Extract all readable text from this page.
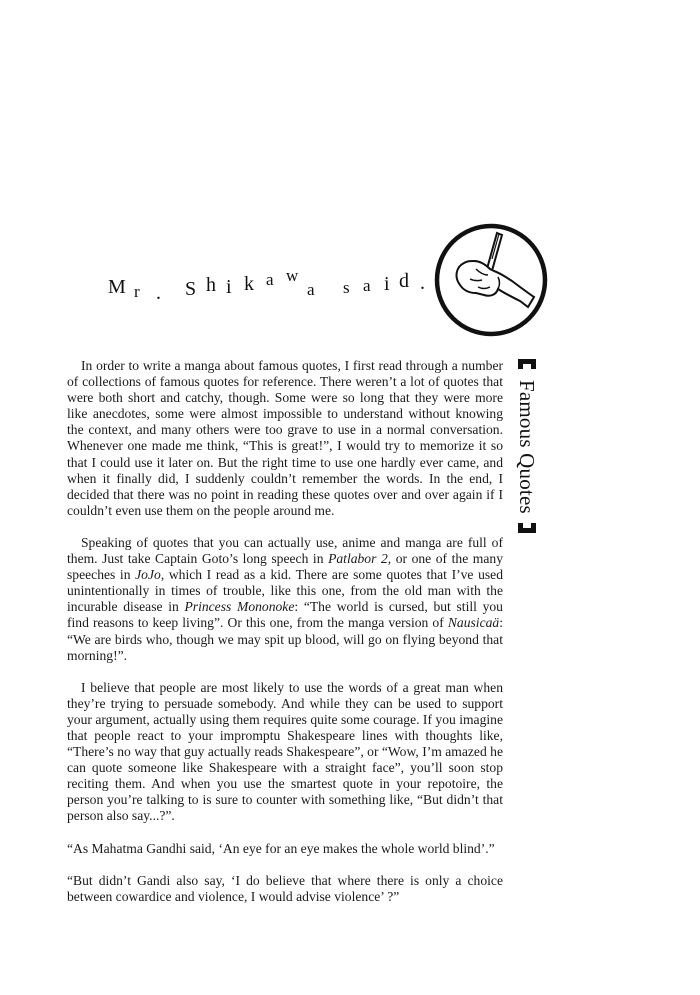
M r . S h i k a w
a s a i d .

In order to write a manga about famous quotes, I first read through a number of collections of famous quotes for reference. There weren’t a lot of quotes that were both short and catchy, though. Some were so long that they were more like anecdotes, some were almost impossible to understand without knowing the context, and many others were too grave to use in a normal conversation. Whenever one made me think, “This is great!”, I would try to memorize it so that I could use it later on. But the right time to use one hardly ever came, and when it finally did, I suddenly couldn’t remember the words. In the end, I decided that there was no point in reading these quotes over and over again if I couldn’t even use them on the people around me.

Speaking of quotes that you can actually use, anime and manga are full of them. Just take Captain Goto’s long speech in Patlabor 2, or one of the many speeches in JoJo, which I read as a kid. There are some quotes that I’ve used unintentionally in times of trouble, like this one, from the old man with the incurable disease in Princess Mononoke: “The world is cursed, but still you find reasons to keep living”. Or this one, from the manga version of Nausicaä: “We are birds who, though we may spit up blood, will go on flying beyond that morning!”.

I believe that people are most likely to use the words of a great man when they’re trying to persuade somebody. And while they can be used to support your argument, actually using them requires quite some courage. If you imagine that people react to your impromptu Shakespeare lines with thoughts like, “There’s no way that guy actually reads Shakespeare”, or “Wow, I’m amazed he can quote someone like Shakespeare with a straight face”, you’ll soon stop reciting them. And when you use the smartest quote in your repotoire, the person you’re talking to is sure to counter with something like, “But didn’t that person also say...?”.

“As Mahatma Gandhi said, ‘An eye for an eye makes the whole world blind’.”

“But didn’t Gandi also say, ‘I do believe that where there is only a choice between cowardice and violence, I would advise violence’ ?”

Famous Quotes
